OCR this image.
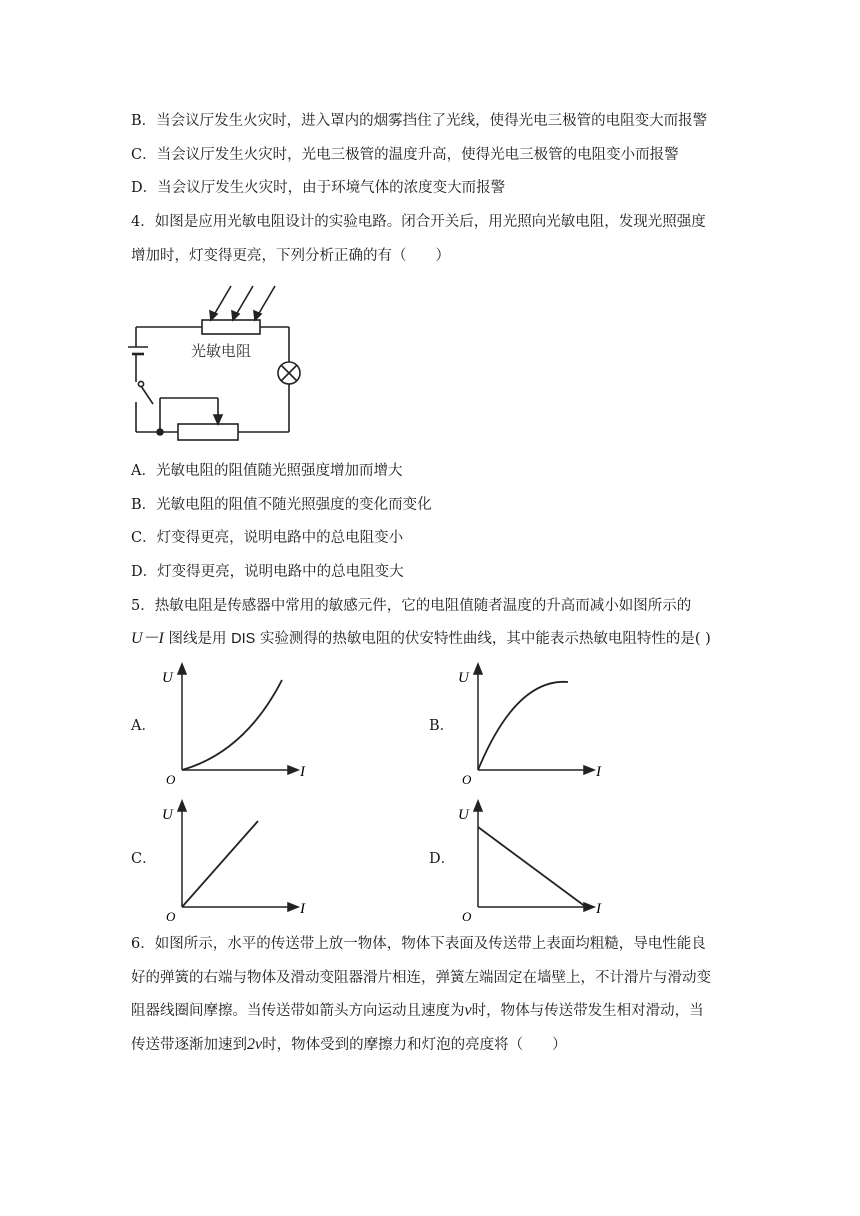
B．当会议厅发生火灾时，进入罩内的烟雾挡住了光线，使得光电三极管的电阻变大而报警
C．当会议厅发生火灾时，光电三极管的温度升高，使得光电三极管的电阻变小而报警
D．当会议厅发生火灾时，由于环境气体的浓度变大而报警
4．如图是应用光敏电阻设计的实验电路。闭合开关后，用光照向光敏电阻，发现光照强度
增加时，灯变得更亮，下列分析正确的有（　　）
光敏电阻
A．光敏电阻的阻值随光照强度增加而增大
B．光敏电阻的阻值不随光照强度的变化而变化
C．灯变得更亮，说明电路中的总电阻变小
D．灯变得更亮，说明电路中的总电阻变大
5．热敏电阻是传感器中常用的敏感元件，它的电阻值随者温度的升高而减小如图所示的
U－I 图线是用 DIS 实验测得的热敏电阻的伏安特性曲线，其中能表示热敏电阻特性的是( )
A．	B．
C．	D．
U
I
O
U
I
O
U
I
O
U
I
O
6．如图所示，水平的传送带上放一物体，物体下表面及传送带上表面均粗糙，导电性能良
好的弹簧的右端与物体及滑动变阻器滑片相连，弹簧左端固定在墙壁上，不计滑片与滑动变
阻器线圈间摩擦。当传送带如箭头方向运动且速度为v时，物体与传送带发生相对滑动，当
传送带逐渐加速到2v时，物体受到的摩擦力和灯泡的亮度将（　　）
